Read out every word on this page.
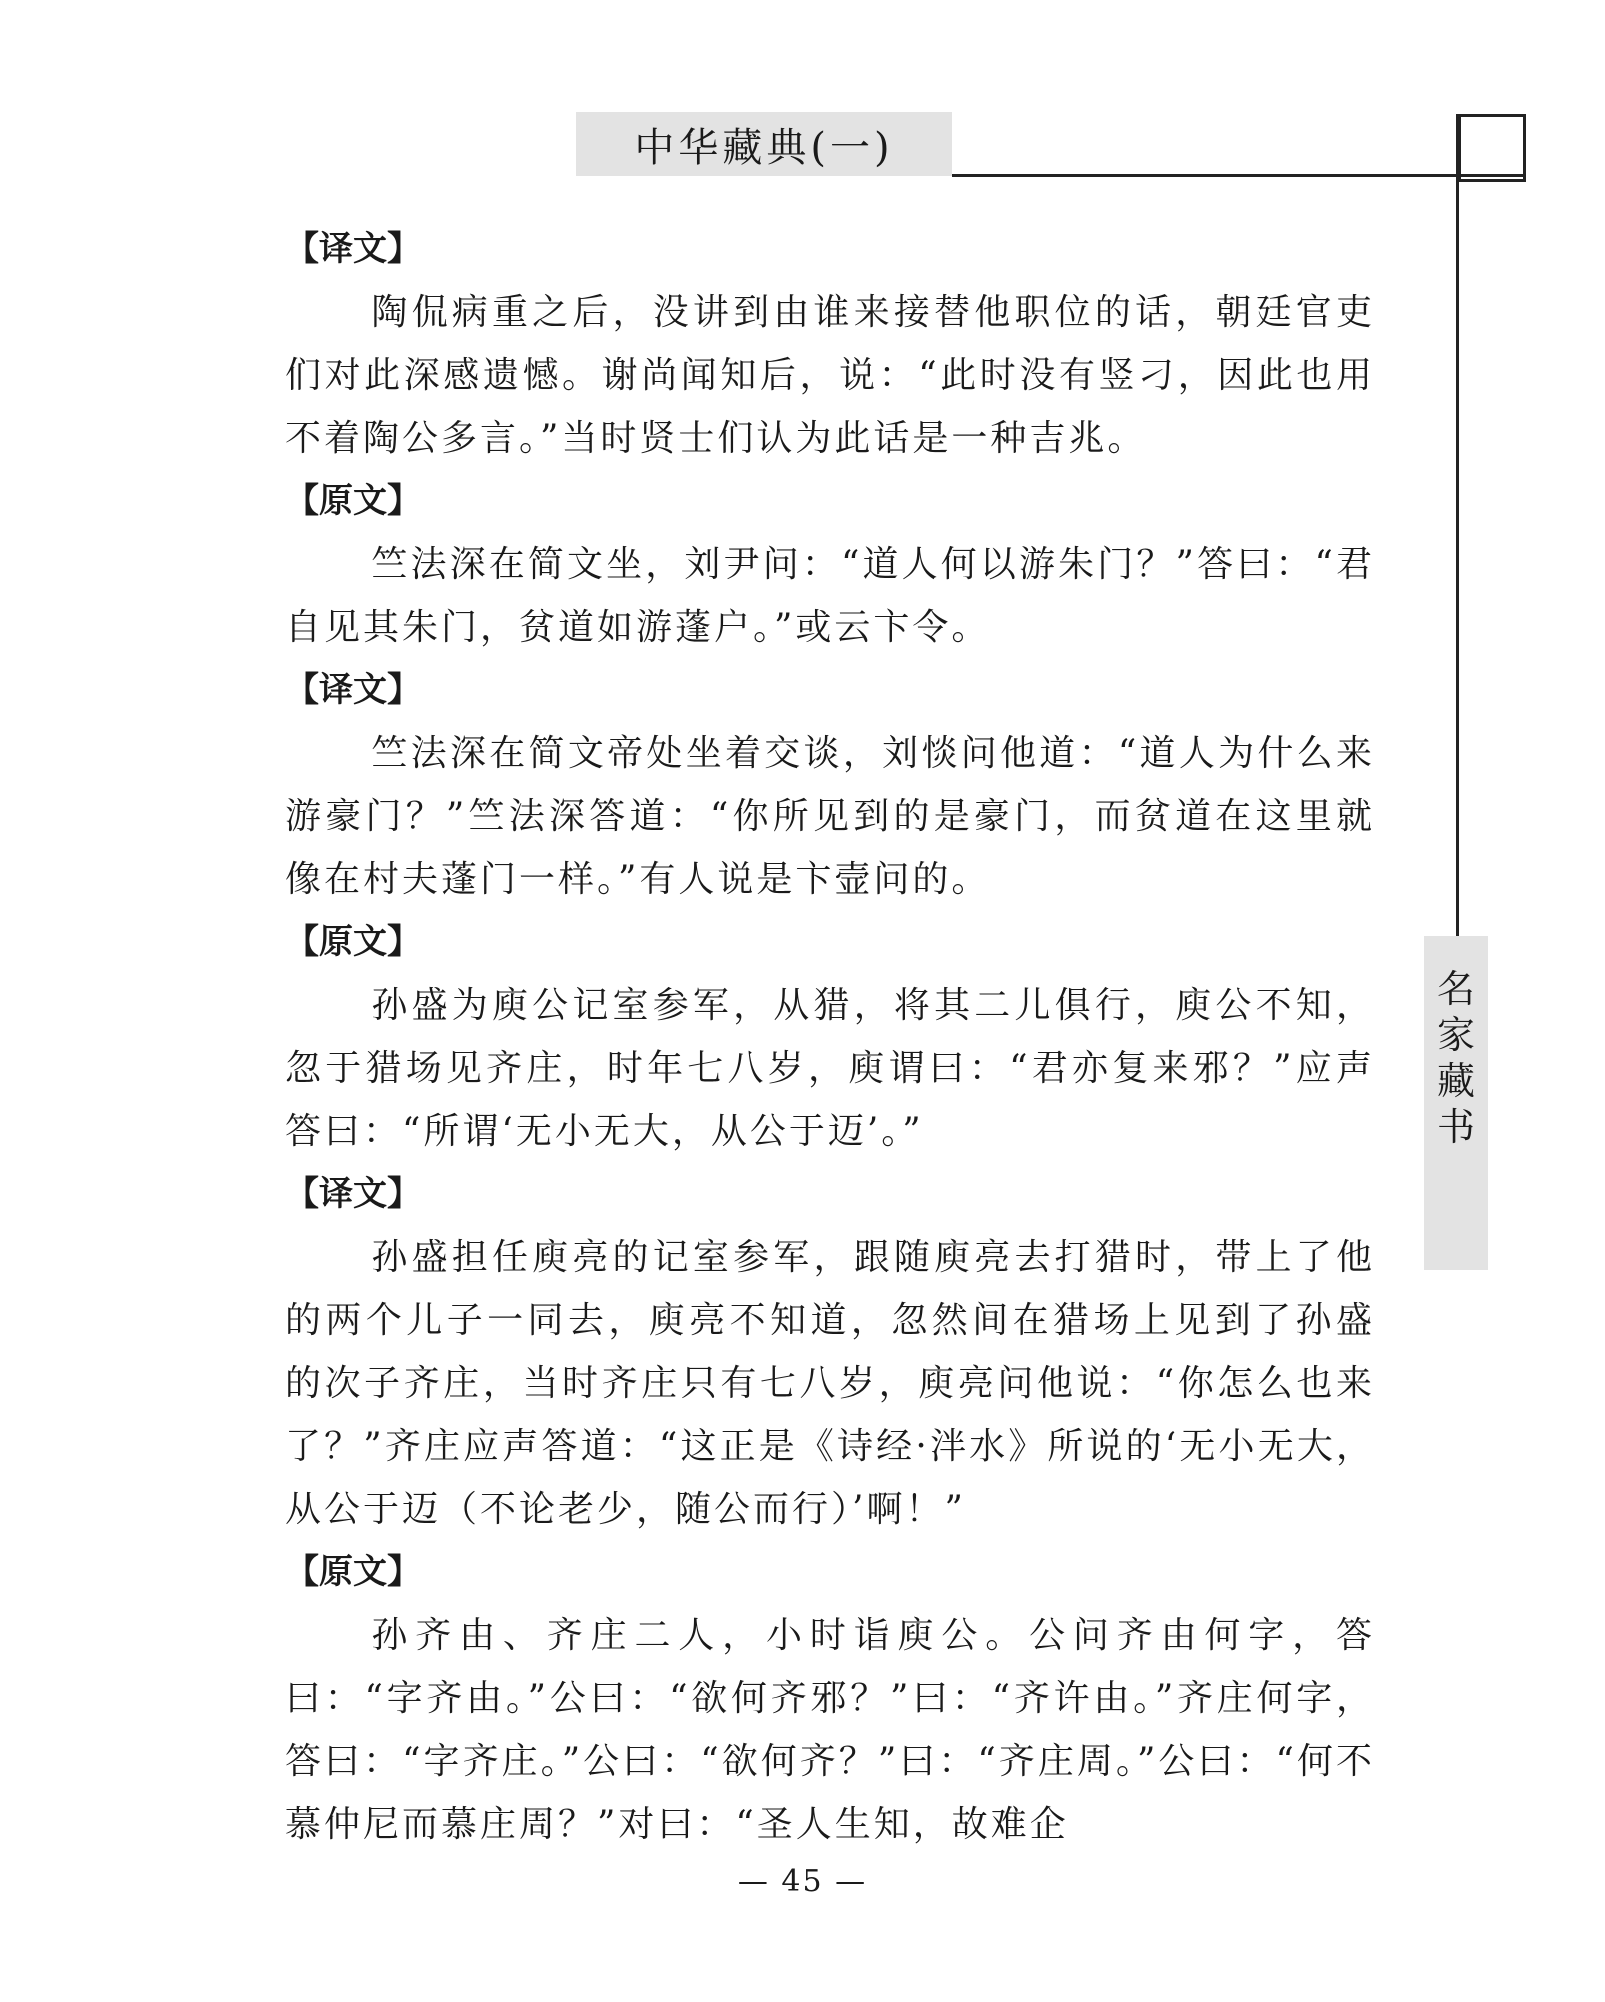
中华藏典(一)
名
家
藏
书
【译文】

陶侃病重之后，没讲到由谁来接替他职位的话，朝廷官吏们对此深感遗憾。谢尚闻知后，说：“此时没有竖刁，因此也用不着陶公多言。”当时贤士们认为此话是一种吉兆。

【原文】

竺法深在简文坐，刘尹问：“道人何以游朱门？”答曰：“君自见其朱门，贫道如游蓬户。”或云卞令。

【译文】

竺法深在简文帝处坐着交谈，刘惔问他道：“道人为什么来游豪门？”竺法深答道：“你所见到的是豪门，而贫道在这里就像在村夫蓬门一样。”有人说是卞壸问的。

【原文】

孙盛为庾公记室参军，从猎，将其二儿俱行，庾公不知，忽于猎场见齐庄，时年七八岁，庾谓曰：“君亦复来邪？”应声答曰：“所谓‘无小无大，从公于迈’。”

【译文】

孙盛担任庾亮的记室参军，跟随庾亮去打猎时，带上了他的两个儿子一同去，庾亮不知道，忽然间在猎场上见到了孙盛的次子齐庄，当时齐庄只有七八岁，庾亮问他说：“你怎么也来了？”齐庄应声答道：“这正是《诗经·泮水》所说的‘无小无大，从公于迈（不论老少，随公而行）’啊！”

【原文】

孙齐由、齐庄二人，小时诣庾公。公问齐由何字，答曰：“字齐由。”公曰：“欲何齐邪？”曰：“齐许由。”齐庄何字，答曰：“字齐庄。”公曰：“欲何齐？”曰：“齐庄周。”公曰：“何不慕仲尼而慕庄周？”对曰：“圣人生知，故难企

— 45 —
